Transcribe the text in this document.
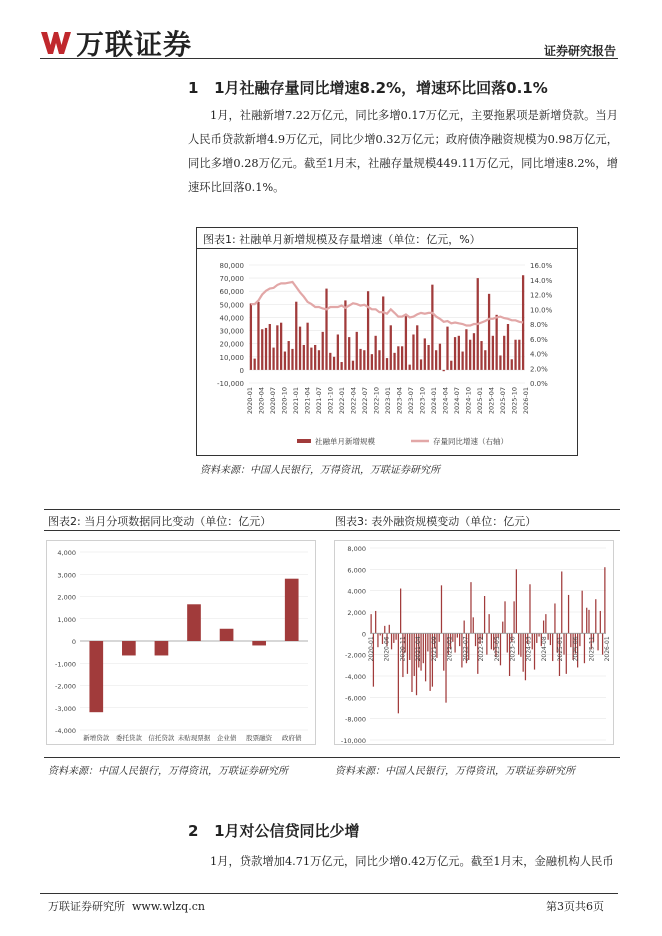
万联证券	证券研究报告
1 1月社融存量同比增速8.2%，增速环比回落0.1%
1月，社融新增7.22万亿元，同比多增0.17万亿元，主要拖累项是新增贷款。当月人民币贷款新增4.9万亿元，同比少增0.32万亿元；政府债净融资规模为0.98万亿元，同比多增0.28万亿元。截至1月末，社融存量规模449.11万亿元，同比增速8.2%，增速环比回落0.1%。
图表1: 社融单月新增规模及存量增速（单位：亿元，%）
80,000
70,000
60,000
50,000
40,000
30,000
20,000
10,000
0
-10,000
16.0%
14.0%
12.0%
10.0%
8.0%
6.0%
4.0%
2.0%
0.0%
2020-01 2020-04 2020-07 2020-10 2021-01 2021-04 2021-07 2021-10 2022-01 2022-04 2022-07 2022-10 2023-01 2023-04 2023-07 2023-10 2024-01 2024-04 2024-07 2024-10 2025-01 2025-04 2025-07 2025-10 2026-01
社融单月新增规模	存量同比增速（右轴）
资料来源：中国人民银行，万得资讯，万联证券研究所
图表2: 当月分项数据同比变动（单位：亿元）	图表3: 表外融资规模变动（单位：亿元）
4,000
3,000
2,000
1,000
0
-1,000
-2,000
-3,000
-4,000
新增贷款 委托贷款 信托贷款 未贴现票据 企业债 股票融资 政府债
8,000
6,000
4,000
2,000
0
-2,000
-4,000
-6,000
-8,000
-10,000
2020-01 2020-06 2020-11 2021-04 2021-09 2022-02 2022-07 2022-12 2023-05 2023-10 2024-03 2024-08 2025-01 2025-06 2025-11 2026-01
资料来源：中国人民银行，万得资讯，万联证券研究所	资料来源：中国人民银行，万得资讯，万联证券研究所
2 1月对公信贷同比少增
1月，贷款增加4.71万亿元，同比少增0.42万亿元。截至1月末，金融机构人民币
万联证券研究所 www.wlzq.cn	第3页共6页
